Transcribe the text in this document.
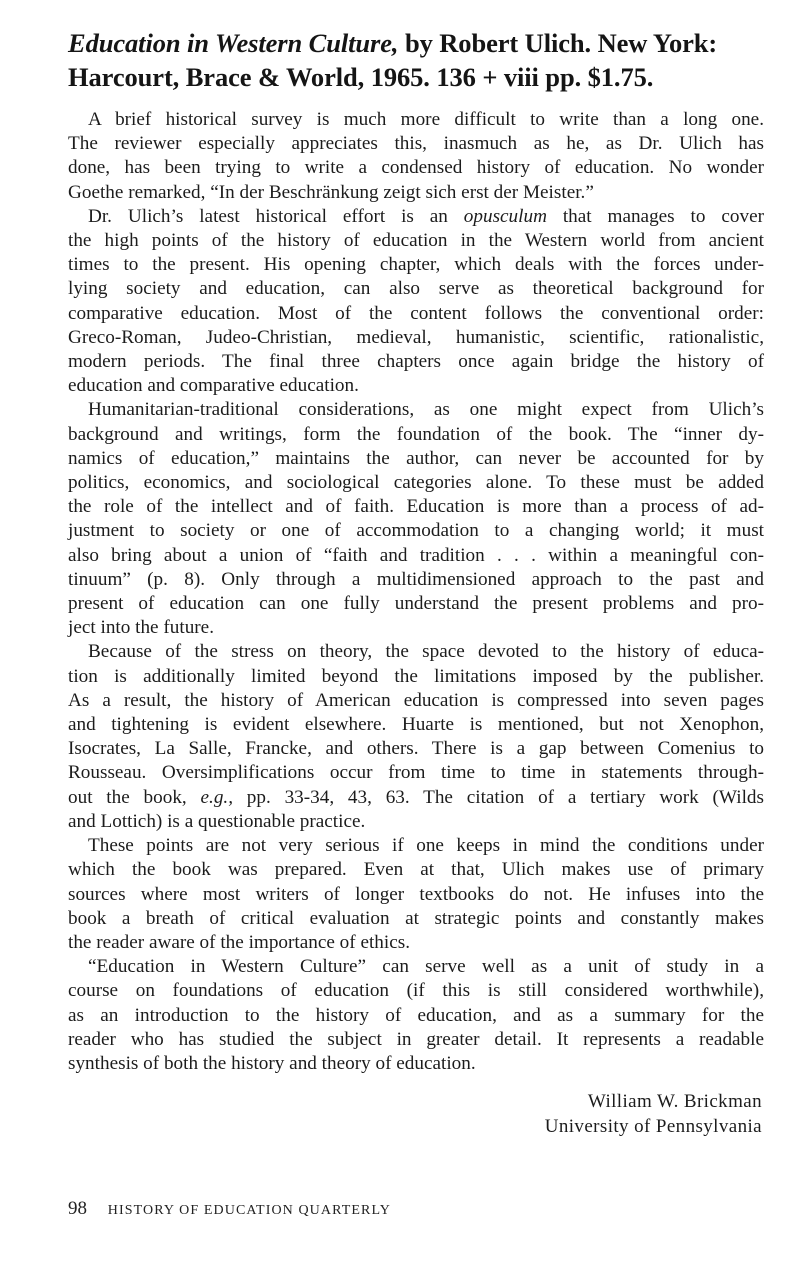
Education in Western Culture, by Robert Ulich. New York:
Harcourt, Brace & World, 1965. 136 + viii pp. $1.75.

A brief historical survey is much more difficult to write than a long one.
The reviewer especially appreciates this, inasmuch as he, as Dr. Ulich has
done, has been trying to write a condensed history of education. No wonder
Goethe remarked, “In der Beschränkung zeigt sich erst der Meister.”

Dr. Ulich’s latest historical effort is an opusculum that manages to cover
the high points of the history of education in the Western world from ancient
times to the present. His opening chapter, which deals with the forces under-
lying society and education, can also serve as theoretical background for
comparative education. Most of the content follows the conventional order:
Greco-Roman, Judeo-Christian, medieval, humanistic, scientific, rationalistic,
modern periods. The final three chapters once again bridge the history of
education and comparative education.

Humanitarian-traditional considerations, as one might expect from Ulich’s
background and writings, form the foundation of the book. The “inner dy-
namics of education,” maintains the author, can never be accounted for by
politics, economics, and sociological categories alone. To these must be added
the role of the intellect and of faith. Education is more than a process of ad-
justment to society or one of accommodation to a changing world; it must
also bring about a union of “faith and tradition . . . within a meaningful con-
tinuum” (p. 8). Only through a multidimensioned approach to the past and
present of education can one fully understand the present problems and pro-
ject into the future.

Because of the stress on theory, the space devoted to the history of educa-
tion is additionally limited beyond the limitations imposed by the publisher.
As a result, the history of American education is compressed into seven pages
and tightening is evident elsewhere. Huarte is mentioned, but not Xenophon,
Isocrates, La Salle, Francke, and others. There is a gap between Comenius to
Rousseau. Oversimplifications occur from time to time in statements through-
out the book, e.g., pp. 33-34, 43, 63. The citation of a tertiary work (Wilds
and Lottich) is a questionable practice.

These points are not very serious if one keeps in mind the conditions under
which the book was prepared. Even at that, Ulich makes use of primary
sources where most writers of longer textbooks do not. He infuses into the
book a breath of critical evaluation at strategic points and constantly makes
the reader aware of the importance of ethics.

“Education in Western Culture” can serve well as a unit of study in a
course on foundations of education (if this is still considered worthwhile),
as an introduction to the history of education, and as a summary for the
reader who has studied the subject in greater detail. It represents a readable
synthesis of both the history and theory of education.

William W. Brickman
University of Pennsylvania
98 HISTORY OF EDUCATION QUARTERLY
